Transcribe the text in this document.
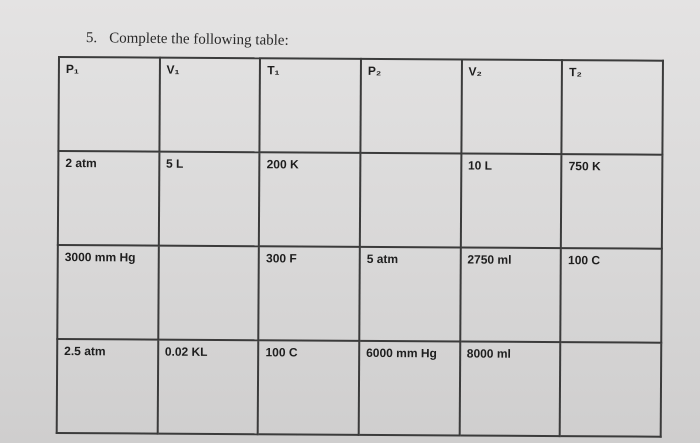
5. Complete the following table:
P₁	V₁	T₁	P₂	V₂	T₂
2 atm	5 L	200 K		10 L	750 K
3000 mm Hg		300 F	5 atm	2750 ml	100 C
2.5 atm	0.02 KL	100 C	6000 mm Hg	8000 ml	
